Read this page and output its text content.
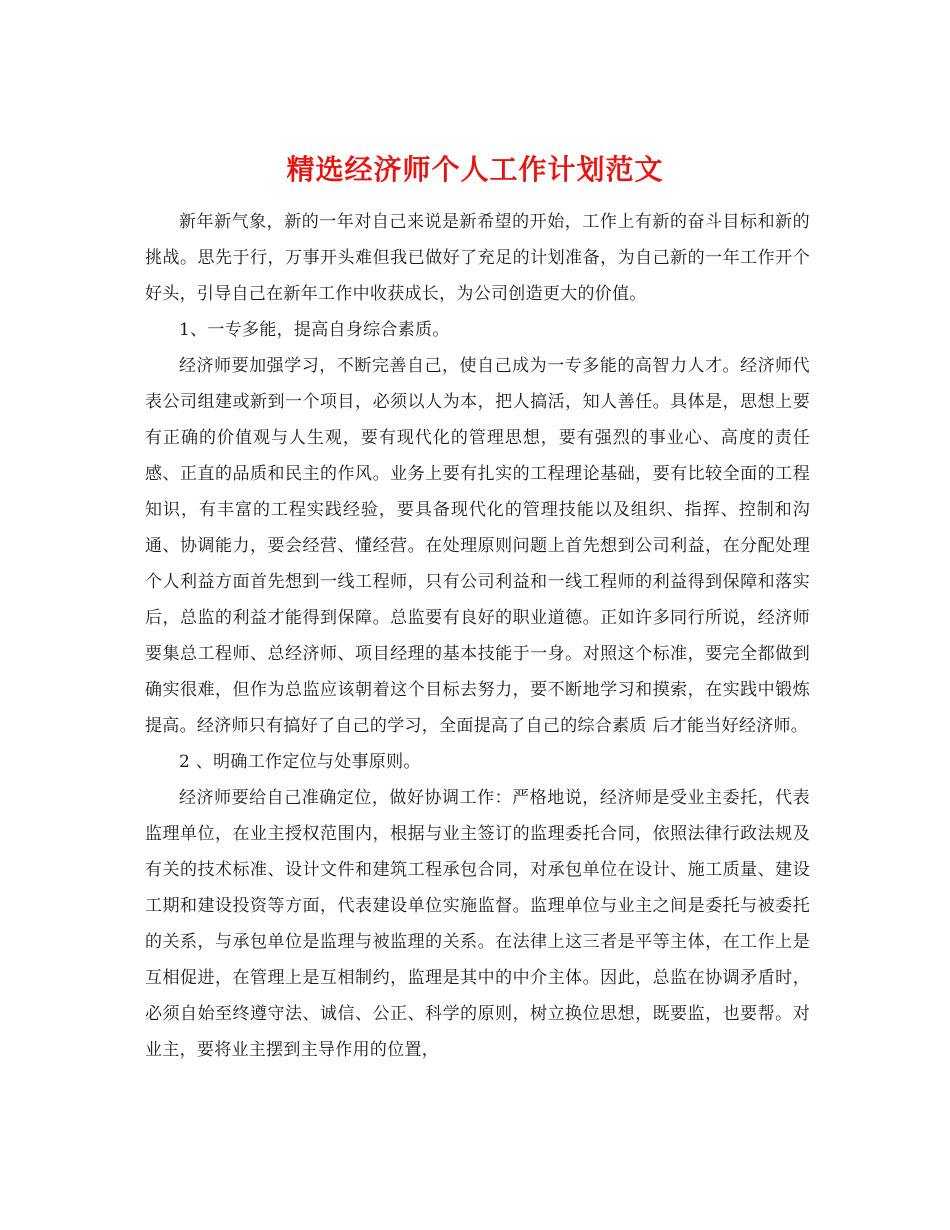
精选经济师个人工作计划范文

新年新气象，新的一年对自己来说是新希望的开始，工作上有新的奋斗目标和新的挑战。思先于行，万事开头难但我已做好了充足的计划准备，为自己新的一年工作开个好头，引导自己在新年工作中收获成长，为公司创造更大的价值。

1、一专多能，提高自身综合素质。

经济师要加强学习，不断完善自己，使自己成为一专多能的高智力人才。经济师代表公司组建或新到一个项目，必须以人为本，把人搞活，知人善任。具体是，思想上要有正确的价值观与人生观，要有现代化的管理思想，要有强烈的事业心、高度的责任感、正直的品质和民主的作风。业务上要有扎实的工程理论基础，要有比较全面的工程知识，有丰富的工程实践经验，要具备现代化的管理技能以及组织、指挥、控制和沟通、协调能力，要会经营、懂经营。在处理原则问题上首先想到公司利益，在分配处理个人利益方面首先想到一线工程师，只有公司利益和一线工程师的利益得到保障和落实后，总监的利益才能得到保障。总监要有良好的职业道德。正如许多同行所说，经济师要集总工程师、总经济师、项目经理的基本技能于一身。对照这个标准，要完全都做到确实很难，但作为总监应该朝着这个目标去努力，要不断地学习和摸索，在实践中锻炼提高。经济师只有搞好了自己的学习，全面提高了自己的综合素质 后才能当好经济师。

2 、明确工作定位与处事原则。

经济师要给自己准确定位，做好协调工作：严格地说，经济师是受业主委托，代表监理单位，在业主授权范围内，根据与业主签订的监理委托合同，依照法律行政法规及有关的技术标准、设计文件和建筑工程承包合同，对承包单位在设计、施工质量、建设工期和建设投资等方面，代表建设单位实施监督。监理单位与业主之间是委托与被委托的关系，与承包单位是监理与被监理的关系。在法律上这三者是平等主体，在工作上是互相促进，在管理上是互相制约，监理是其中的中介主体。因此，总监在协调矛盾时，必须自始至终遵守法、诚信、公正、科学的原则，树立换位思想，既要监，也要帮。对业主，要将业主摆到主导作用的位置，
